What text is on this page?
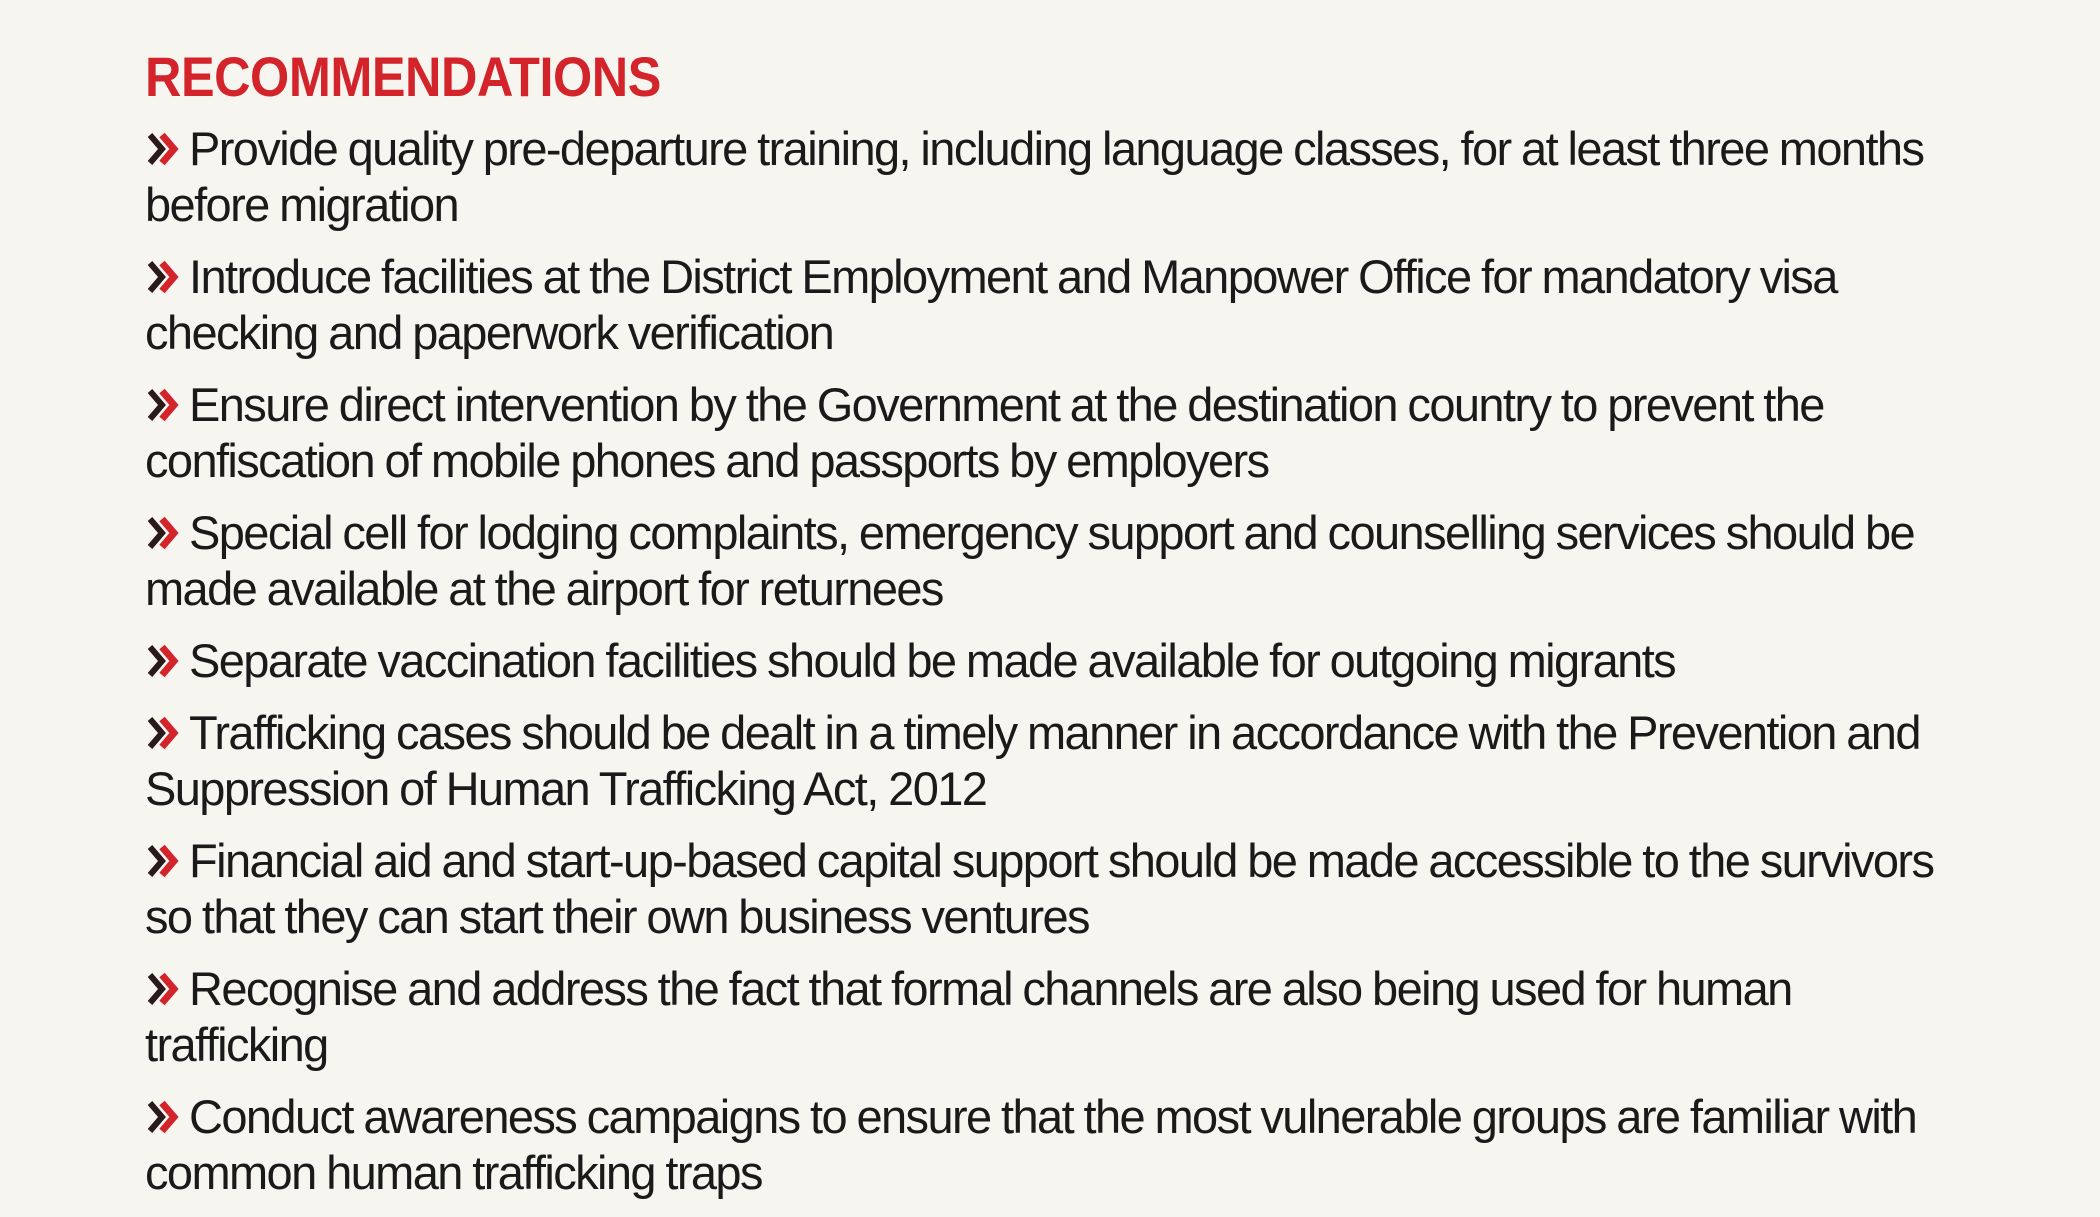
RECOMMENDATIONS
Provide quality pre-departure training, including language classes, for at least three months before migration
Introduce facilities at the District Employment and Manpower Office for mandatory visa checking and paperwork verification
Ensure direct intervention by the Government at the destination country to prevent the confiscation of mobile phones and passports by employers
Special cell for lodging complaints, emergency support and counselling services should be made available at the airport for returnees
Separate vaccination facilities should be made available for outgoing migrants
Trafficking cases should be dealt in a timely manner in accordance with the Prevention and Suppression of Human Trafficking Act, 2012
Financial aid and start-up-based capital support should be made accessible to the survivors so that they can start their own business ventures
Recognise and address the fact that formal channels are also being used for human trafficking
Conduct awareness campaigns to ensure that the most vulnerable groups are familiar with common human trafficking traps
